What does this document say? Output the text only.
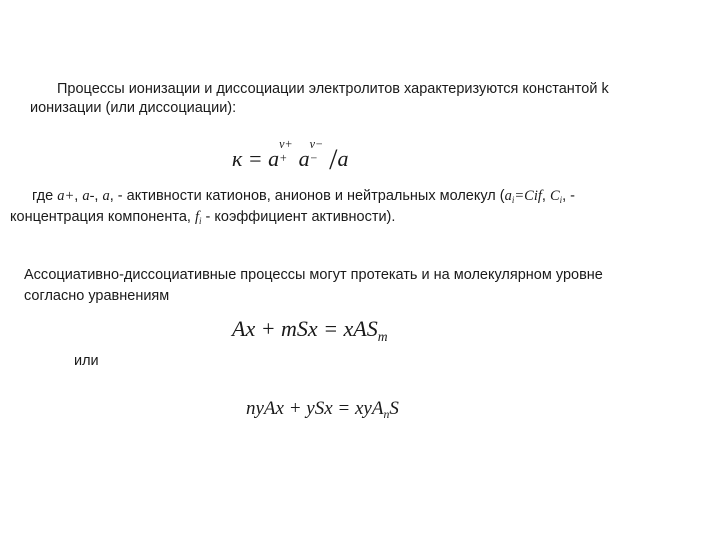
Процессы ионизации и диссоциации электролитов характеризуются константой k
ионизации (или диссоциации):
к = a
ν+
+ a
ν−
− /a
где a+, a-, a, - активности катионов, анионов и нейтральных молекул ($a_i=Cif$, $C_i$, -
концентрация компонента, $f_i$ - коэффициент активности).
Ассоциативно-диссоциативные процессы могут протекать и на молекулярном уровне
согласно уравнениям
Ax + mSx = xAS$_m$
или
nyAx + ySx = xyA$_n$S
